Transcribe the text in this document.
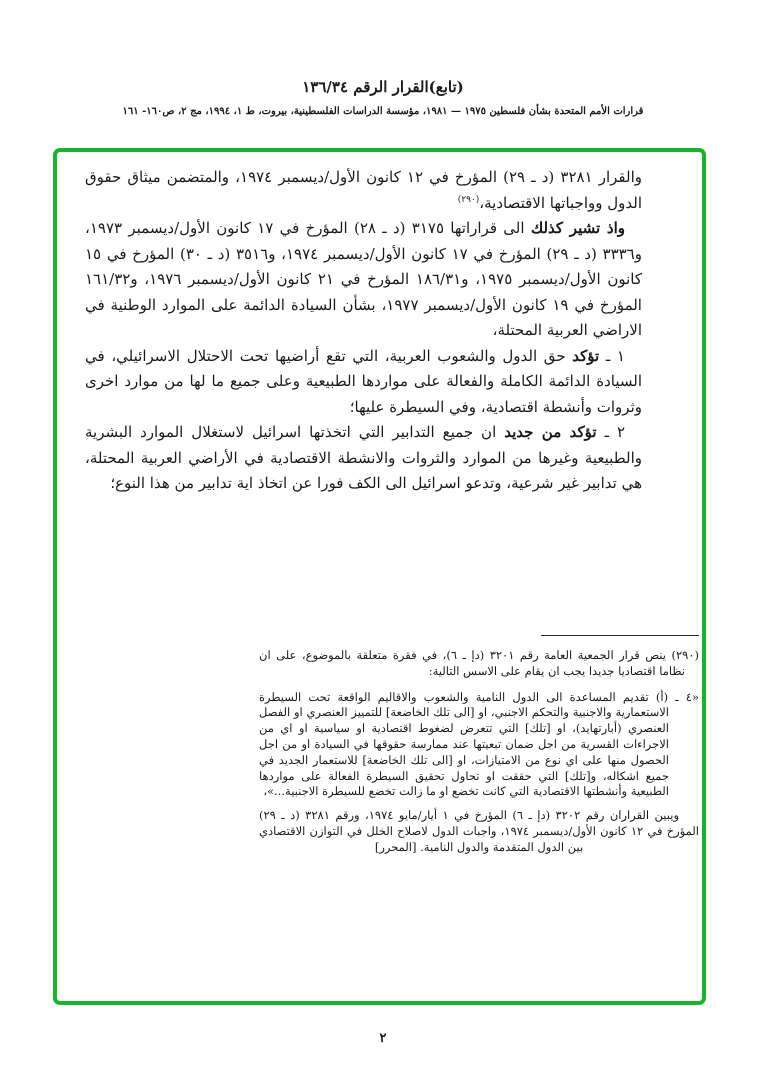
(تابع)القرار الرقم ١٣٦/٣٤
قرارات الأمم المتحدة بشأن فلسطين ١٩٧٥ — ١٩٨١، مؤسسة الدراسات الفلسطينية، بيروت، ط ١، ١٩٩٤، مج ٢، ص١٦٠- ١٦١

والقرار ٣٢٨١ (د ـ ٢٩) المؤرخ في ١٢ كانون الأول/ديسمبر ١٩٧٤، والمتضمن ميثاق حقوق الدول وواجباتها الاقتصادية،$^{(٢٩٠)}$

واذ تشير كذلك الى قراراتها ٣١٧٥ (د ـ ٢٨) المؤرخ في ١٧ كانون الأول/ديسمبر ١٩٧٣، و٣٣٣٦ (د ـ ٢٩) المؤرخ في ١٧ كانون الأول/ديسمبر ١٩٧٤، و٣٥١٦ (د ـ ٣٠) المؤرخ في ١٥ كانون الأول/ديسمبر ١٩٧٥، و١٨٦/٣١ المؤرخ في ٢١ كانون الأول/ديسمبر ١٩٧٦، و١٦١/٣٢ المؤرخ في ١٩ كانون الأول/ديسمبر ١٩٧٧، بشأن السيادة الدائمة على الموارد الوطنية في الاراضي العربية المحتلة،

١ ـ تؤكد حق الدول والشعوب العربية، التي تقع أراضيها تحت الاحتلال الاسرائيلي، في السيادة الدائمة الكاملة والفعالة على مواردها الطبيعية وعلى جميع ما لها من موارد اخرى وثروات وأنشطة اقتصادية، وفي السيطرة عليها؛

٢ ـ تؤكد من جديد ان جميع التدابير التي اتخذتها اسرائيل لاستغلال الموارد البشرية والطبيعية وغيرها من الموارد والثروات والانشطة الاقتصادية في الأراضي العربية المحتلة، هي تدابير غير شرعية، وتدعو اسرائيل الى الكف فورا عن اتخاذ اية تدابير من هذا النوع؛

(٢٩٠) ينص قرار الجمعية العامة رقم ٣٢٠١ (دإ ـ ٦)، في فقرة متعلقة بالموضوع، على ان نظاما اقتصاديا جديدا يجب ان يقام على الاسس التالية:

«٤ ـ (أ) تقديم المساعدة الى الدول النامية والشعوب والاقاليم الواقعة تحت السيطرة الاستعمارية والاجنبية والتحكم الاجنبي، او [الى تلك الخاضعة] للتمييز العنصري او الفصل العنصري (أبارتهايد)، او [تلك] التي تتعرض لضغوط اقتصادية او سياسية او اي من الاجراءات القسرية من اجل ضمان تبعيتها عند ممارسة حقوقها في السيادة او من اجل الحصول منها على اي نوع من الامتيازات، او [الى تلك الخاضعة] للاستعمار الجديد في جميع اشكاله، و[تلك] التي حققت او تحاول تحقيق السيطرة الفعالة على مواردها الطبيعية وأنشطتها الاقتصادية التي كانت تخضع او ما زالت تخضع للسيطرة الاجنبية...»،

ويبين القراران رقم ٣٢٠٢ (دإ ـ ٦) المؤرخ في ١ أيار/مايو ١٩٧٤، ورقم ٣٢٨١ (د ـ ٢٩) المؤرخ في ١٢ كانون الأول/ديسمبر ١٩٧٤، واجبات الدول لاصلاح الخلل في التوازن الاقتصادي بين الدول المتقدمة والدول النامية. [المحرر]

٢
